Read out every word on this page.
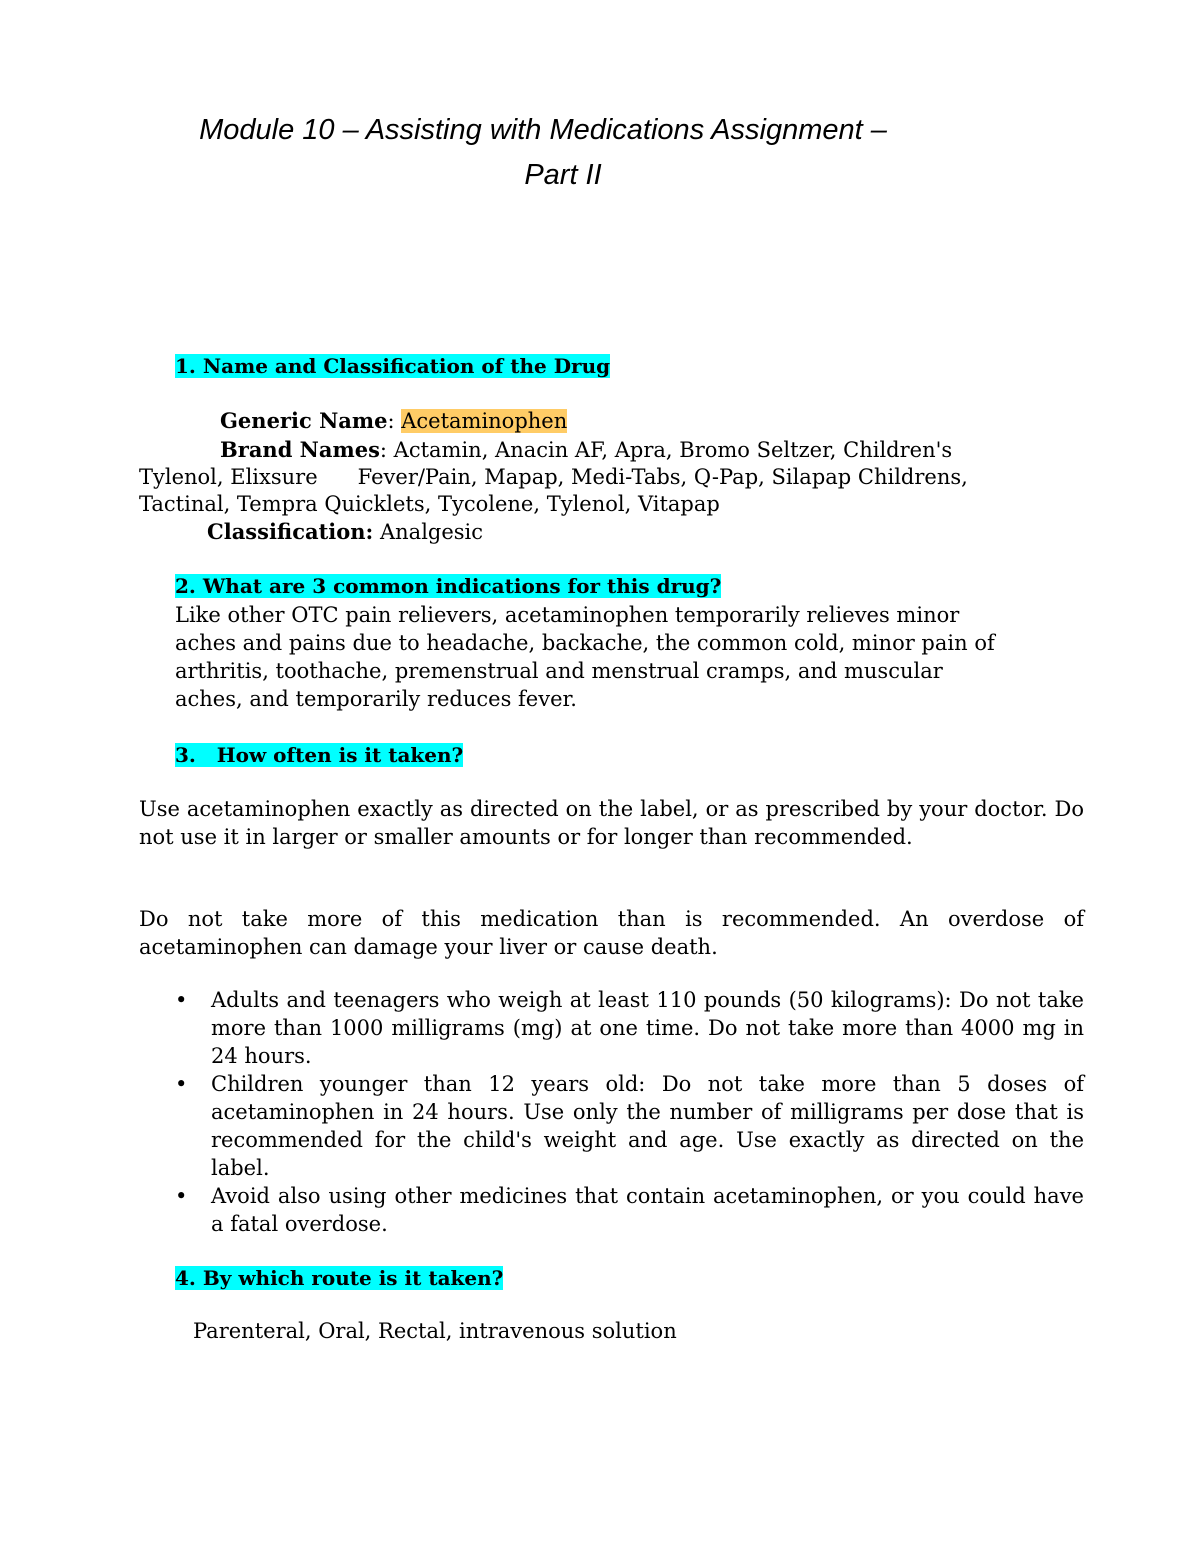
Module 10 – Assisting with Medications Assignment –
Part II

1. Name and Classification of the Drug

Generic Name: Acetaminophen

Brand Names: Actamin, Anacin AF, Apra, Bromo Seltzer, Children's

Tylenol, Elixsure      Fever/Pain, Mapap, Medi-Tabs, Q-Pap, Silapap Childrens,

Tactinal, Tempra Quicklets, Tycolene, Tylenol, Vitapap

Classification: Analgesic

2. What are 3 common indications for this drug?

Like other OTC pain relievers, acetaminophen temporarily relieves minor

aches and pains due to headache, backache, the common cold, minor pain of

arthritis, toothache, premenstrual and menstrual cramps, and muscular

aches, and temporarily reduces fever.

3.   How often is it taken?

Use acetaminophen exactly as directed on the label, or as prescribed by your doctor. Do not use it in larger or smaller amounts or for longer than recommended.

Do not take more of this medication than is recommended. An overdose of acetaminophen can damage your liver or cause death.

• Adults and teenagers who weigh at least 110 pounds (50 kilograms): Do not take more than 1000 milligrams (mg) at one time. Do not take more than 4000 mg in 24 hours.
• Children younger than 12 years old: Do not take more than 5 doses of acetaminophen in 24 hours. Use only the number of milligrams per dose that is recommended for the child's weight and age. Use exactly as directed on the label.
• Avoid also using other medicines that contain acetaminophen, or you could have a fatal overdose.

4. By which route is it taken?

Parenteral, Oral, Rectal, intravenous solution
